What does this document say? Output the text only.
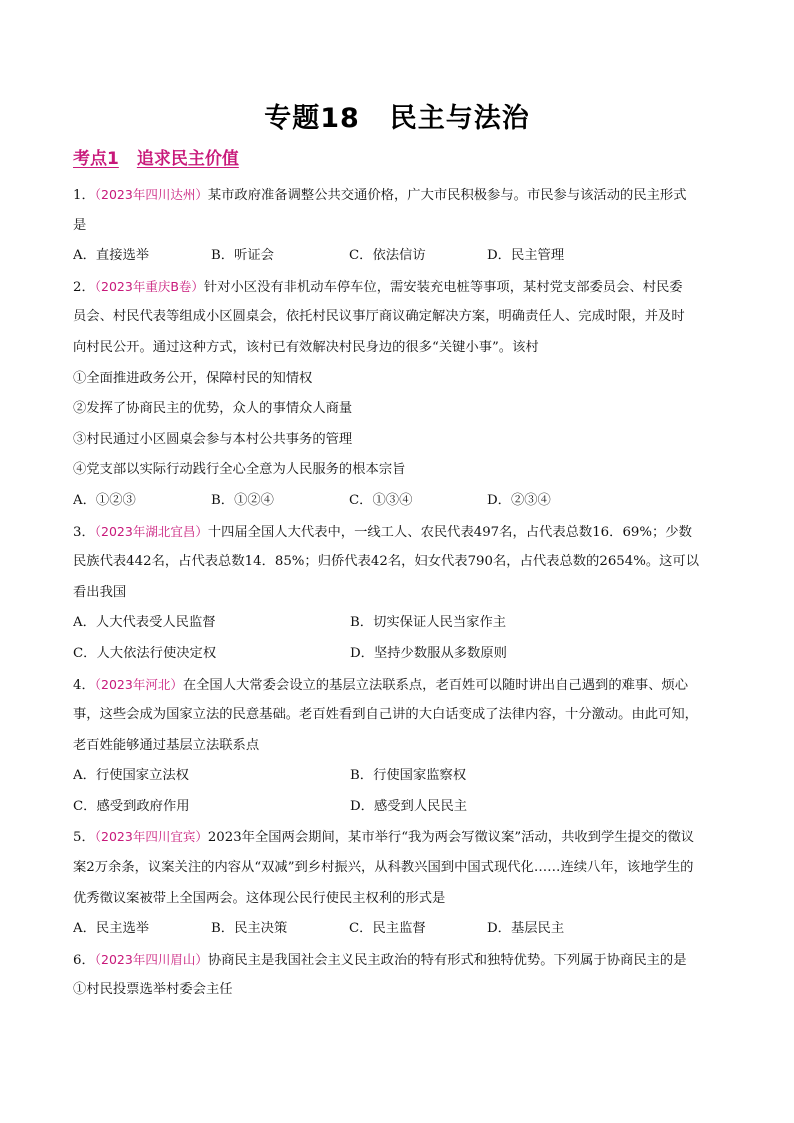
专题18 民主与法治
考点1 追求民主价值
1．（2023年四川达州）某市政府准备调整公共交通价格，广大市民积极参与。市民参与该活动的民主形式
是
A．直接选举	B．听证会	C．依法信访	D．民主管理
2．（2023年重庆B卷）针对小区没有非机动车停车位，需安装充电桩等事项，某村党支部委员会、村民委
员会、村民代表等组成小区圆桌会，依托村民议事厅商议确定解决方案，明确责任人、完成时限，并及时
向村民公开。通过这种方式，该村已有效解决村民身边的很多“关键小事”。该村
①全面推进政务公开，保障村民的知情权
②发挥了协商民主的优势，众人的事情众人商量
③村民通过小区圆桌会参与本村公共事务的管理
④党支部以实际行动践行全心全意为人民服务的根本宗旨
A．①②③	B．①②④	C．①③④	D．②③④
3．（2023年湖北宜昌）十四届全国人大代表中，一线工人、农民代表497名，占代表总数16．69%；少数
民族代表442名，占代表总数14．85%；归侨代表42名，妇女代表790名，占代表总数的2654%。这可以
看出我国
A．人大代表受人民监督	B．切实保证人民当家作主
C．人大依法行使决定权	D．坚持少数服从多数原则
4．（2023年河北）在全国人大常委会设立的基层立法联系点，老百姓可以随时讲出自己遇到的难事、烦心
事，这些会成为国家立法的民意基础。老百姓看到自己讲的大白话变成了法律内容，十分激动。由此可知，
老百姓能够通过基层立法联系点
A．行使国家立法权	B．行使国家监察权
C．感受到政府作用	D．感受到人民民主
5．（2023年四川宜宾）2023年全国两会期间，某市举行“我为两会写徵议案”活动，共收到学生提交的徵议
案2万余条，议案关注的内容从“双减”到乡村振兴，从科教兴国到中国式现代化……连续八年，该地学生的
优秀徵议案被带上全国两会。这体现公民行使民主权利的形式是
A．民主选举	B．民主决策	C．民主监督	D．基层民主
6．（2023年四川眉山）协商民主是我国社会主义民主政治的特有形式和独特优势。下列属于协商民主的是
①村民投票选举村委会主任
